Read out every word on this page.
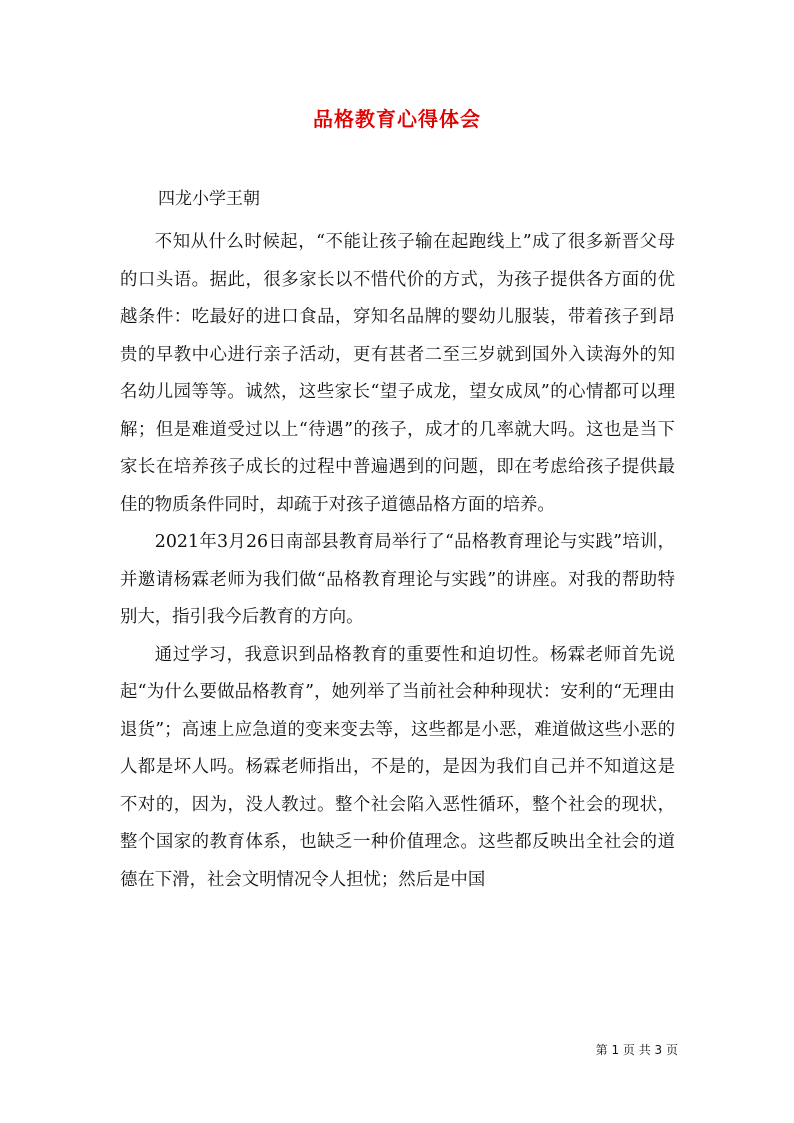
品格教育心得体会
四龙小学王朝

不知从什么时候起，“不能让孩子输在起跑线上”成了很多新晋父母的口头语。据此，很多家长以不惜代价的方式，为孩子提供各方面的优越条件：吃最好的进口食品，穿知名品牌的婴幼儿服装，带着孩子到昂贵的早教中心进行亲子活动，更有甚者二至三岁就到国外入读海外的知名幼儿园等等。诚然，这些家长“望子成龙，望女成凤”的心情都可以理解；但是难道受过以上“待遇”的孩子，成才的几率就大吗。这也是当下家长在培养孩子成长的过程中普遍遇到的问题，即在考虑给孩子提供最佳的物质条件同时，却疏于对孩子道德品格方面的培养。

2021年3月26日南部县教育局举行了“品格教育理论与实践”培训，并邀请杨霖老师为我们做“品格教育理论与实践”的讲座。对我的帮助特别大，指引我今后教育的方向。

通过学习，我意识到品格教育的重要性和迫切性。杨霖老师首先说起“为什么要做品格教育”，她列举了当前社会种种现状：安利的“无理由退货”；高速上应急道的变来变去等，这些都是小恶，难道做这些小恶的人都是坏人吗。杨霖老师指出，不是的，是因为我们自己并不知道这是不对的，因为，没人教过。整个社会陷入恶性循环，整个社会的现状，整个国家的教育体系，也缺乏一种价值理念。这些都反映出全社会的道德在下滑，社会文明情况令人担忧；然后是中国

第 1 页 共 3 页
